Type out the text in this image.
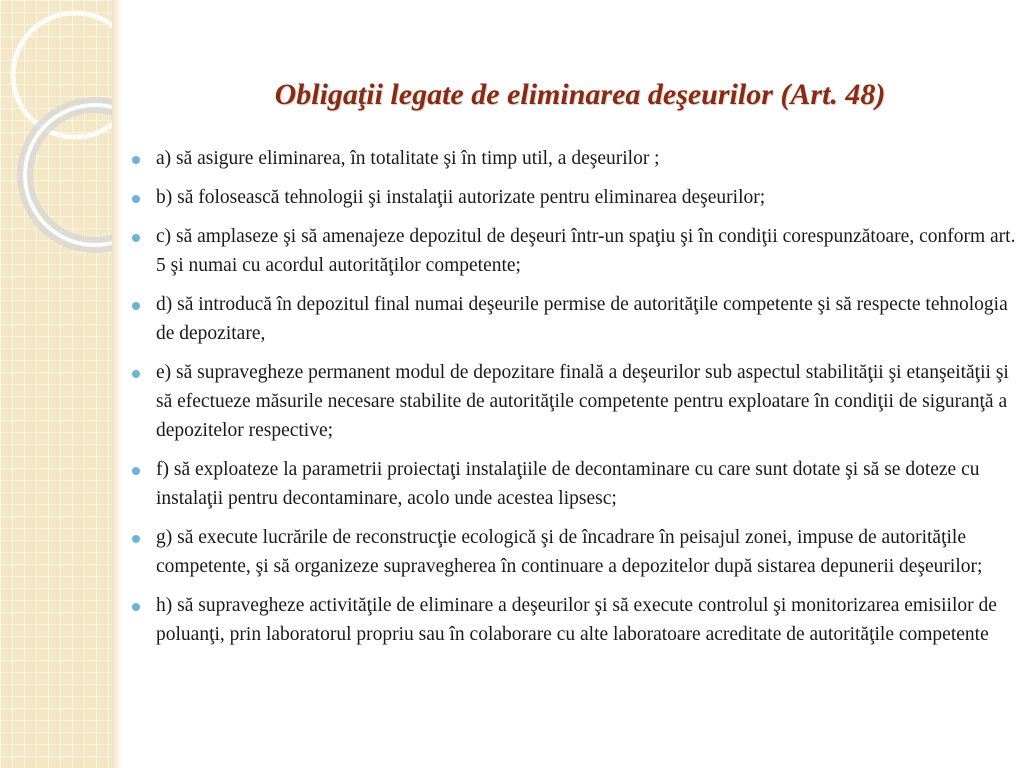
Obligaţii legate de eliminarea deşeurilor (Art. 48)
a) să asigure eliminarea, în totalitate şi în timp util, a deşeurilor ;
b) să folosească tehnologii şi instalaţii autorizate pentru eliminarea deşeurilor;
c) să amplaseze şi să amenajeze depozitul de deşeuri într-un spaţiu şi în condiţii corespunzătoare, conform art. 5 şi numai cu acordul autorităţilor competente;
d) să introducă în depozitul final numai deşeurile permise de autorităţile competente şi să respecte tehnologia de depozitare,
e) să supravegheze permanent modul de depozitare finală a deşeurilor sub aspectul stabilităţii şi etanşeităţii şi să efectueze măsurile necesare stabilite de autorităţile competente pentru exploatare în condiţii de siguranţă a depozitelor respective;
f) să exploateze la parametrii proiectaţi instalaţiile de decontaminare cu care sunt dotate şi să se doteze cu instalaţii pentru decontaminare, acolo unde acestea lipsesc;
g) să execute lucrările de reconstrucţie ecologică şi de încadrare în peisajul zonei, impuse de autorităţile competente, şi să organizeze supravegherea în continuare a depozitelor după sistarea depunerii deşeurilor;
h) să supravegheze activităţile de eliminare a deşeurilor şi să execute controlul şi monitorizarea emisiilor de poluanţi, prin laboratorul propriu sau în colaborare cu alte laboratoare acreditate de autorităţile competente
